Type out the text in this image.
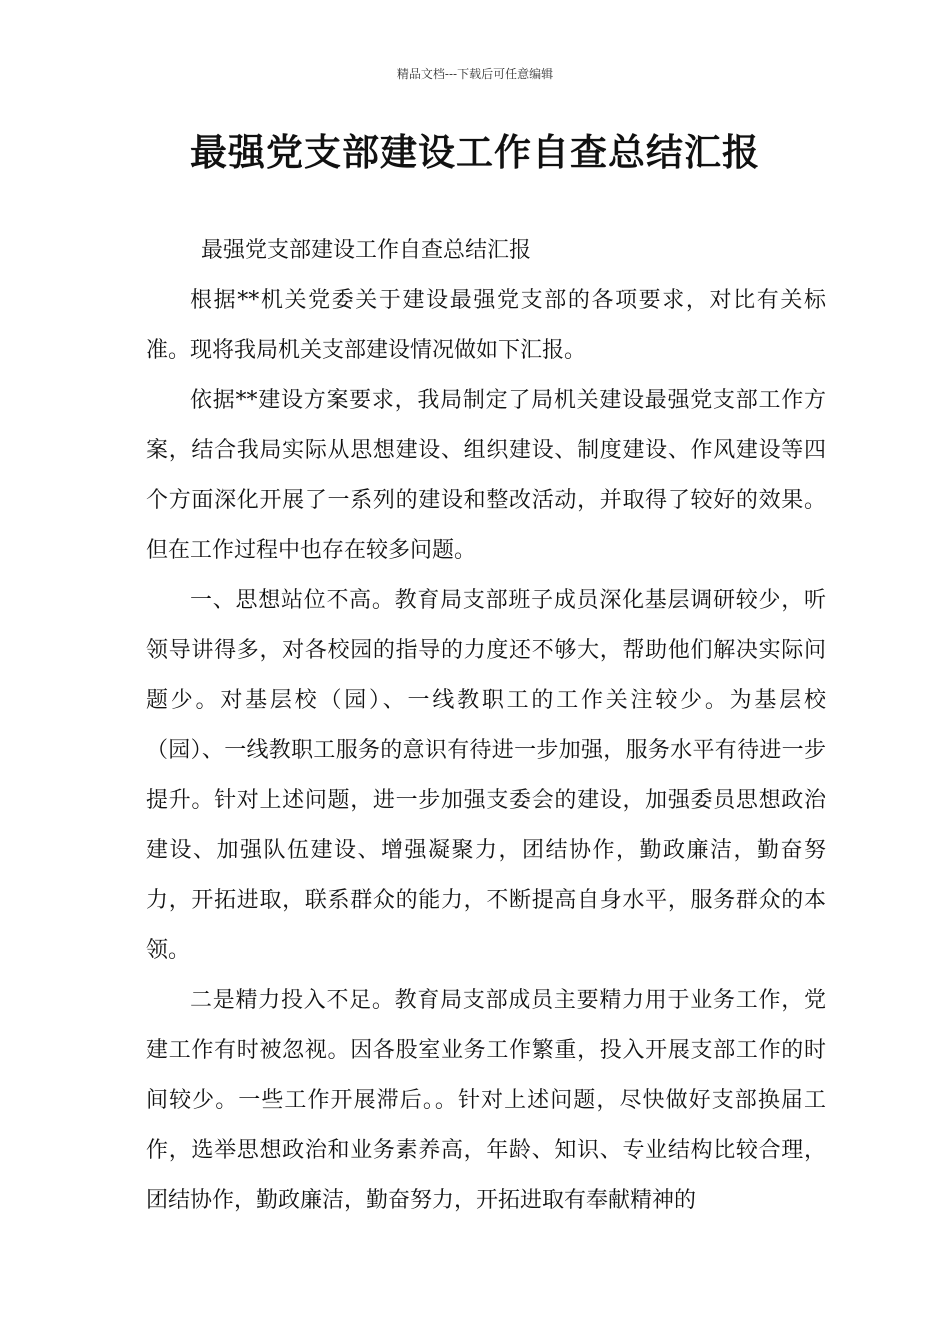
精品文档---下载后可任意编辑
最强党支部建设工作自查总结汇报

最强党支部建设工作自查总结汇报

根据**机关党委关于建设最强党支部的各项要求，对比有关标准。现将我局机关支部建设情况做如下汇报。

依据**建设方案要求，我局制定了局机关建设最强党支部工作方案，结合我局实际从思想建设、组织建设、制度建设、作风建设等四个方面深化开展了一系列的建设和整改活动，并取得了较好的效果。但在工作过程中也存在较多问题。

一、思想站位不高。教育局支部班子成员深化基层调研较少，听领导讲得多，对各校园的指导的力度还不够大，帮助他们解决实际问题少。对基层校（园）、一线教职工的工作关注较少。为基层校（园）、一线教职工服务的意识有待进一步加强，服务水平有待进一步提升。针对上述问题，进一步加强支委会的建设，加强委员思想政治建设、加强队伍建设、增强凝聚力，团结协作，勤政廉洁，勤奋努力，开拓进取，联系群众的能力，不断提高自身水平，服务群众的本领。

二是精力投入不足。教育局支部成员主要精力用于业务工作，党建工作有时被忽视。因各股室业务工作繁重，投入开展支部工作的时间较少。一些工作开展滞后。。针对上述问题，尽快做好支部换届工作，选举思想政治和业务素养高，年龄、知识、专业结构比较合理，团结协作，勤政廉洁，勤奋努力，开拓进取有奉献精神的
